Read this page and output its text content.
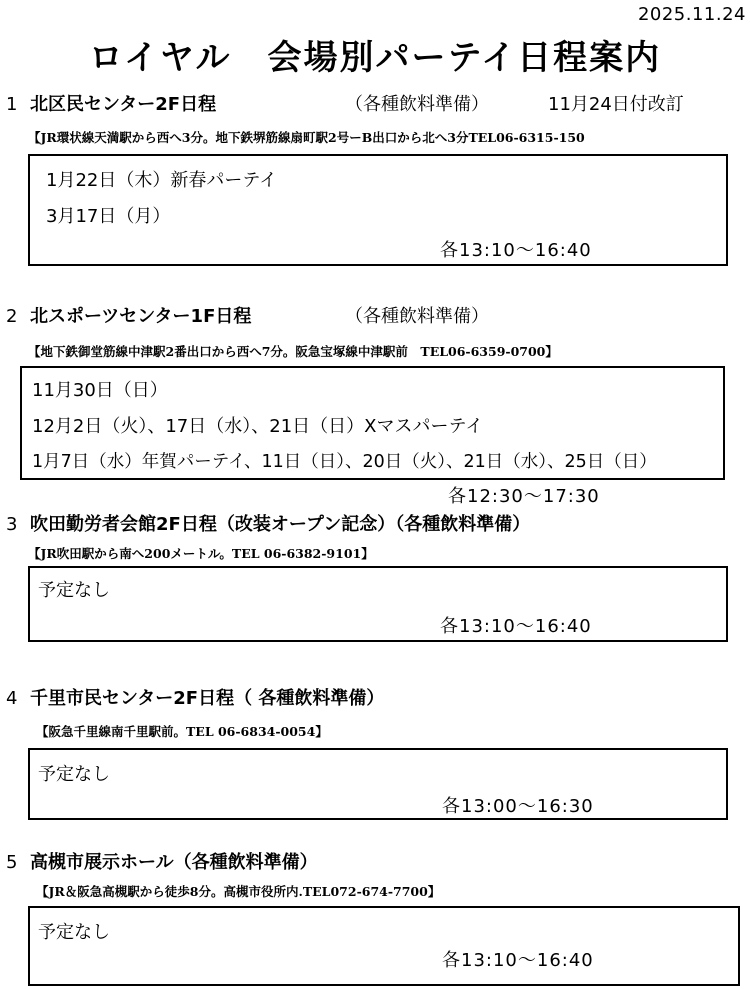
2025.11.24
ロイヤル　会場別パーテイ日程案内
1 北区民センター2F日程	（各種飲料準備）	11月24日付改訂
【JR環状線天満駅から西へ3分。地下鉄堺筋線扇町駅2号ーB出口から北へ3分TEL06-6315-150
1月22日（木）新春パーテイ
3月17日（月）
各13:10〜16:40
2 北スポーツセンター1F日程	（各種飲料準備）
【地下鉄御堂筋線中津駅2番出口から西へ7分。阪急宝塚線中津駅前　TEL06-6359-0700】
11月30日（日）
12月2日（火）、17日（水）、21日（日）Xマスパーテイ
1月7日（水）年賀パーテイ、11日（日）、20日（火）、21日（水）、25日（日）
各12:30〜17:30
3 吹田勤労者会館2F日程（改装オープン記念）（各種飲料準備）
【JR吹田駅から南へ200メートル。TEL 06-6382-9101】
予定なし
各13:10〜16:40
4 千里市民センター2F日程（ 各種飲料準備）
【阪急千里線南千里駅前。TEL 06-6834-0054】
予定なし
各13:00〜16:30
5 高槻市展示ホール（各種飲料準備）
【JR＆阪急高槻駅から徒歩8分。高槻市役所内.TEL072-674-7700】
予定なし
各13:10〜16:40
